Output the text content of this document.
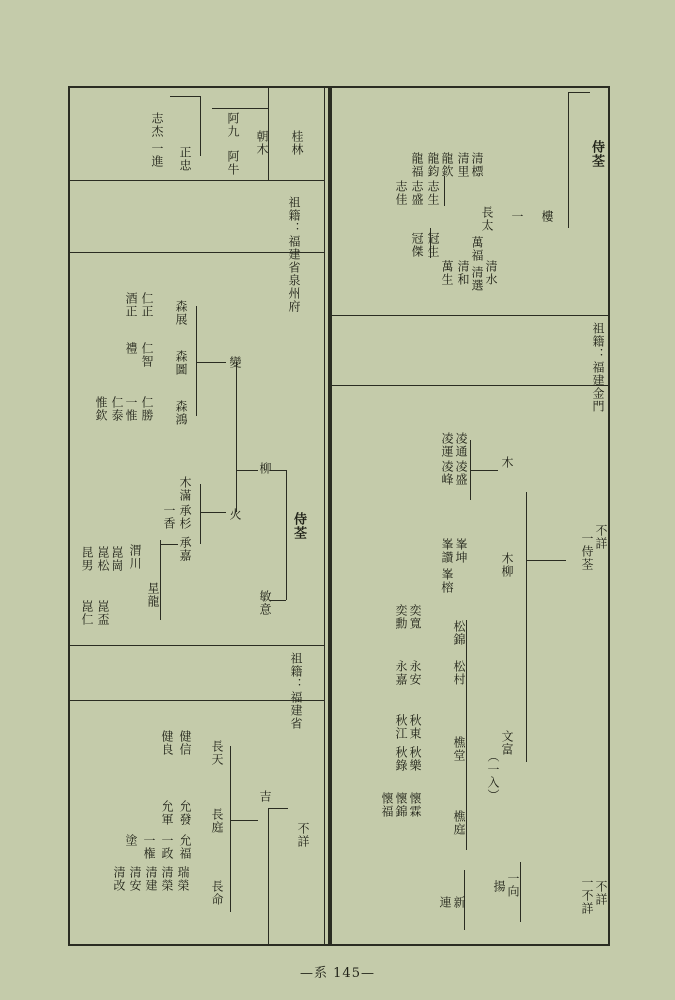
桂林
朝木
阿九
阿牛
正忠
志杰
一進
祖籍：福建省泉州府
侍荃
柳
敏意
變
火
森展
森圖
森鴻
仁正
酒正
仁智
禮
仁勝
一惟
仁泰
惟欽
木滿
承杉
一香
承嘉
星龍
渭川
崑崗
崑松
昆男
崑盃
崑仁
祖籍：福建省
不詳
吉
長天
長庭
長命
健信
健良
允發
允軍
允福
一政
一権
塗
瑞榮
清榮
清建
清安
清改
侍荃
樓
一
長太
清標
清里
萬福
清和 清水
清選
萬生
冠生
冠傑
志生
志盛
志佳
龍欽
龍鈞
龍福
祖籍：福建金門
不詳
一侍荃
木
木柳
文富
（一入）
凌通
凌運
凌峰 凌盛
峯坤
峯讚
峯榕
松錦
松村
樵堂
樵庭
奕寬
奕勳
永安
永嘉
秋東
秋江
秋樂
秋錄
懷霖
懷錦
懷福
不詳
一不詳
一向
揚
新
連
—系 145—
